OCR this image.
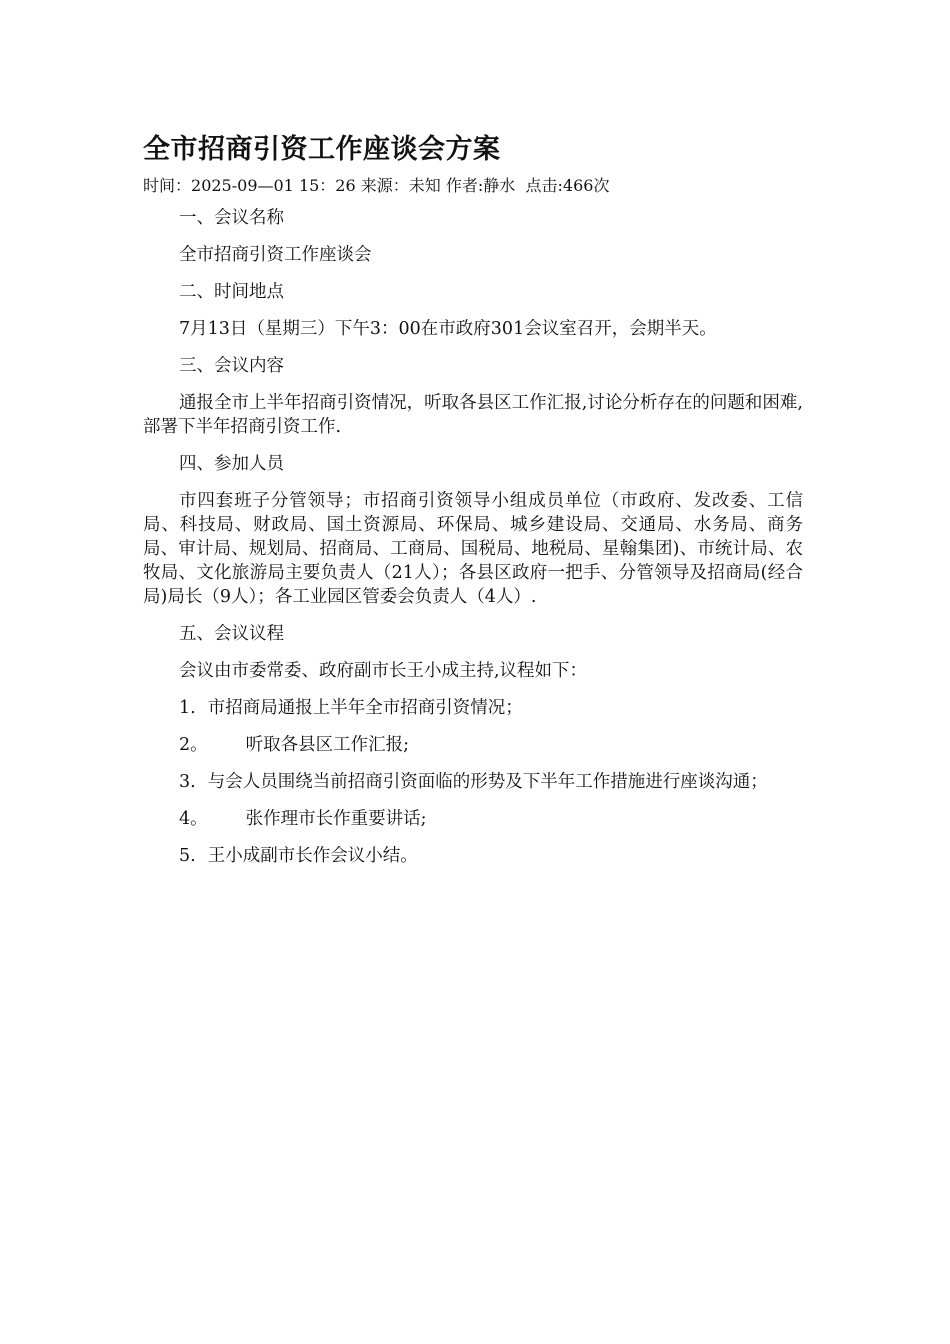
全市招商引资工作座谈会方案
时间：2025-09—01 15：26 来源：未知 作者:静水 点击:466次

一、会议名称

全市招商引资工作座谈会

二、时间地点

7月13日（星期三）下午3：00在市政府301会议室召开，会期半天。

三、会议内容

通报全市上半年招商引资情况，听取各县区工作汇报,讨论分析存在的问题和困难,部署下半年招商引资工作.

四、参加人员

市四套班子分管领导；市招商引资领导小组成员单位（市政府、发改委、工信局、科技局、财政局、国土资源局、环保局、城乡建设局、交通局、水务局、商务局、审计局、规划局、招商局、工商局、国税局、地税局、星翰集团)、市统计局、农牧局、文化旅游局主要负责人（21人）；各县区政府一把手、分管领导及招商局(经合局)局长（9人）；各工业园区管委会负责人（4人）.

五、会议议程

会议由市委常委、政府副市长王小成主持,议程如下：

1. 市招商局通报上半年全市招商引资情况；

2。 听取各县区工作汇报;

3. 与会人员围绕当前招商引资面临的形势及下半年工作措施进行座谈沟通；

4。 张作理市长作重要讲话;

5. 王小成副市长作会议小结。
